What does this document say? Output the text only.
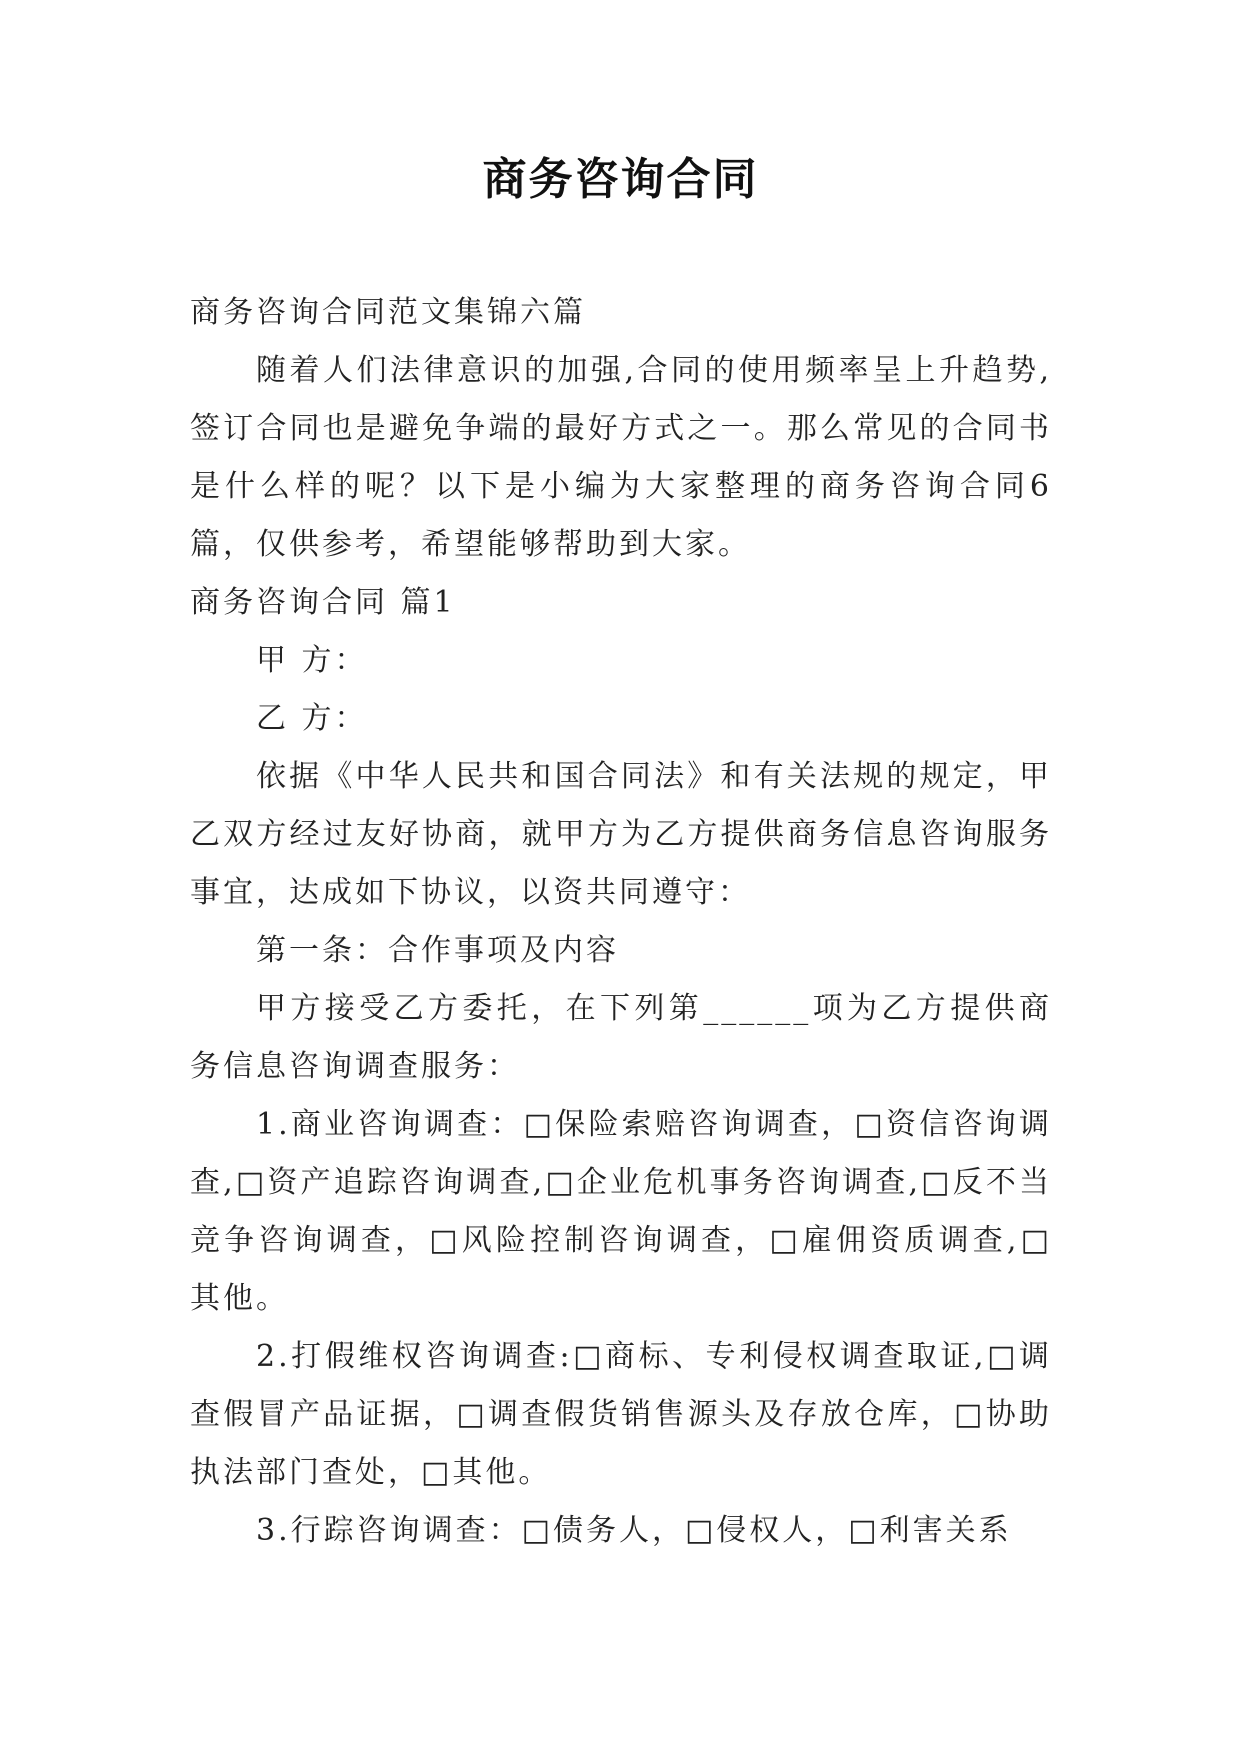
商务咨询合同

商务咨询合同范文集锦六篇

随着人们法律意识的加强,合同的使用频率呈上升趋势,签订合同也是避免争端的最好方式之一。那么常见的合同书是什么样的呢？以下是小编为大家整理的商务咨询合同6篇，仅供参考，希望能够帮助到大家。

商务咨询合同 篇1

甲 方：

乙 方：

依据《中华人民共和国合同法》和有关法规的规定，甲乙双方经过友好协商，就甲方为乙方提供商务信息咨询服务事宜，达成如下协议，以资共同遵守：

第一条：合作事项及内容

甲方接受乙方委托，在下列第______项为乙方提供商务信息咨询调查服务：

1.商业咨询调查：□保险索赔咨询调查，□资信咨询调查,□资产追踪咨询调查,□企业危机事务咨询调查,□反不当竞争咨询调查，□风险控制咨询调查，□雇佣资质调查,□其他。

2.打假维权咨询调查:□商标、专利侵权调查取证,□调查假冒产品证据，□调查假货销售源头及存放仓库，□协助执法部门查处，□其他。

3.行踪咨询调查：□债务人，□侵权人，□利害关系
